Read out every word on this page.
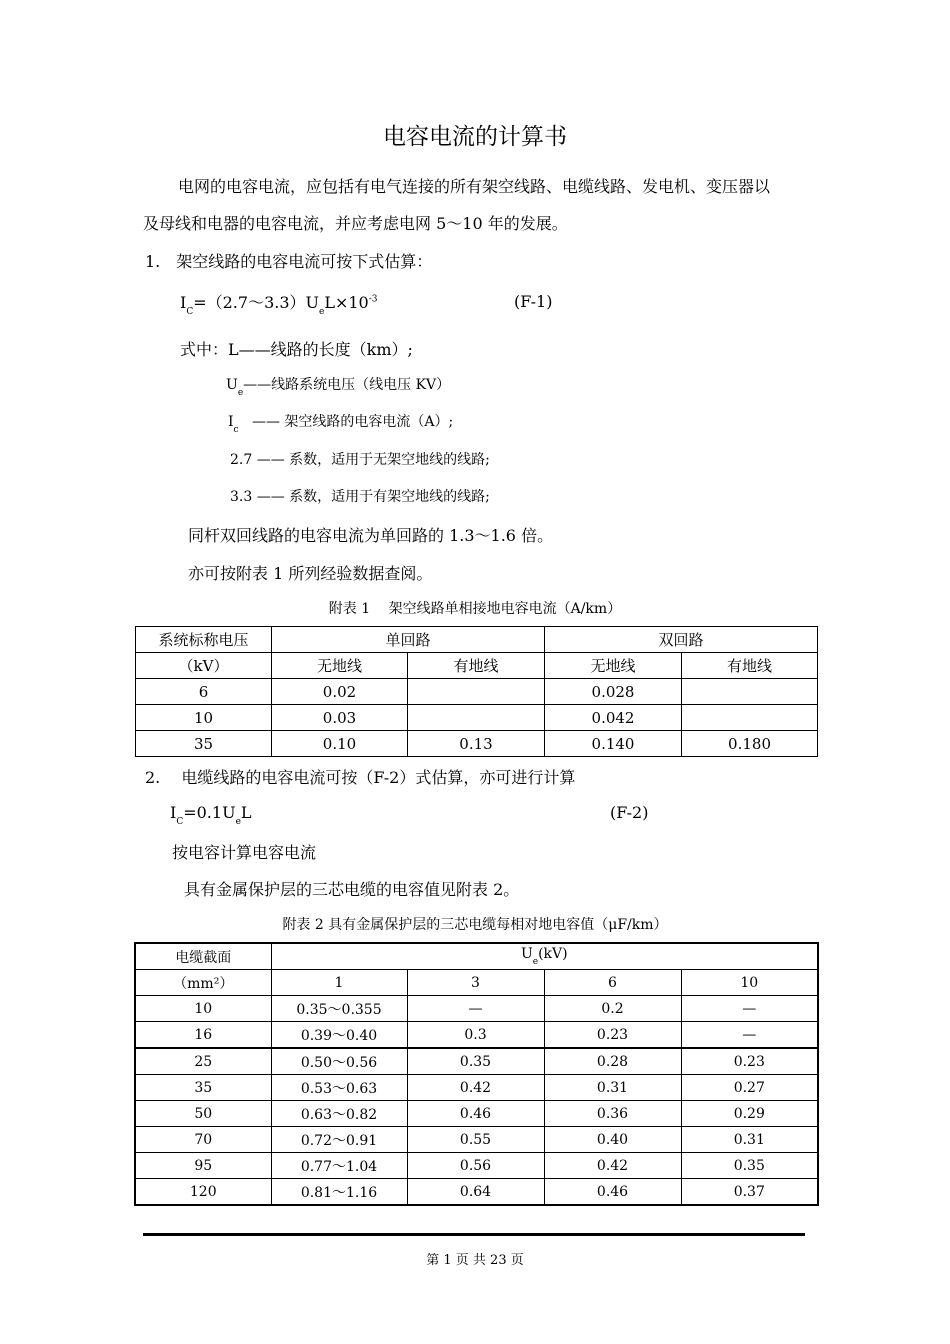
电容电流的计算书
电网的电容电流，应包括有电气连接的所有架空线路、电缆线路、发电机、变压器以
及母线和电器的电容电流，并应考虑电网 5～10 年的发展。
1.　架空线路的电容电流可按下式估算：
$I_C=(2.7\sim 3.3)U_eL\times 10^{-3}$	(F-1)
式中：L——线路的长度（km）;
$U_e——$线路系统电压（线电压 KV）
$I_c$ —— 架空线路的电容电流（A）;
2.7 —— 系数，适用于无架空地线的线路;
3.3 —— 系数，适用于有架空地线的线路;
同杆双回线路的电容电流为单回路的 1.3～1.6 倍。
亦可按附表 1 所列经验数据查阅。
附表 1　 架空线路单相接地电容电流（A/km）
系统标称电压	单回路		双回路	
（kV）	无地线	有地线	无地线	有地线
6	0.02		0.028	
10	0.03		0.042	
35	0.10	0.13	0.140	0.180
2.　 电缆线路的电容电流可按（F-2）式估算，亦可进行计算
$I_C=0.1U_eL$	(F-2)
按电容计算电容电流
具有金属保护层的三芯电缆的电容值见附表 2。
附表 2 具有金属保护层的三芯电缆每相对地电容值（μF/km）
电缆截面	$U_e(kV)$			
（mm²）	1	3	6	10
10	0.35～0.355	—	0.2	—
16	0.39～0.40	0.3	0.23	—
25	0.50～0.56	0.35	0.28	0.23
35	0.53～0.63	0.42	0.31	0.27
50	0.63～0.82	0.46	0.36	0.29
70	0.72～0.91	0.55	0.40	0.31
95	0.77～1.04	0.56	0.42	0.35
120	0.81～1.16	0.64	0.46	0.37
第 1 页 共 23 页
